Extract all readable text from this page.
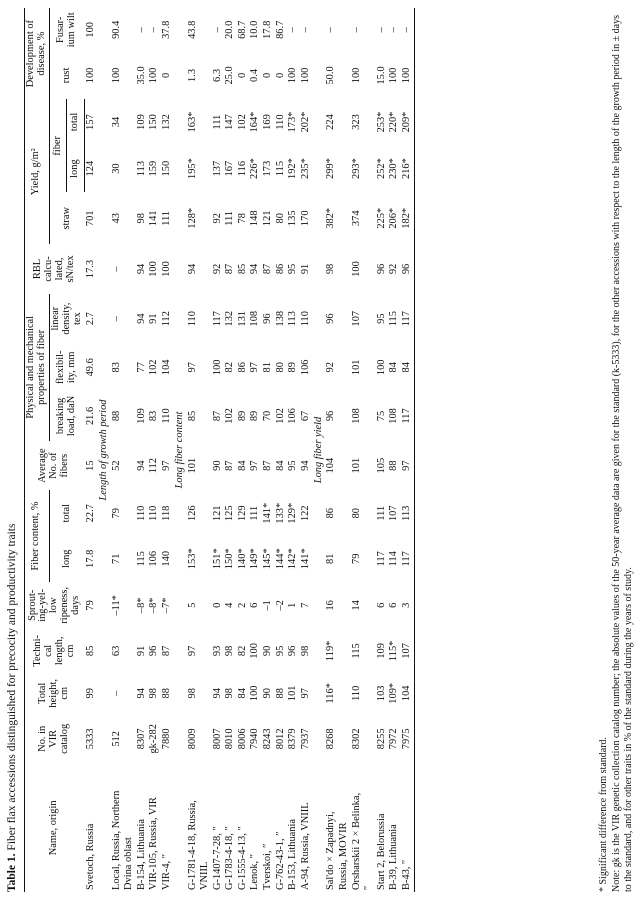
Table 1. Fiber flax accessions distinguished for precocity and productivity traits	Name, origin	No. in VIR catalog	Total height, cm	Techni-cal length, cm	Sprout-ing-yel-low ripeness, days	Fiber content, %		Average No. of fibers	Physical and mechanical properties of fiber			RBL calcu-lated, sN/tex	Yield, g/m²			Development of disease, %	
					long	total		breaking load, daN	flexibil-ity, mm	linear density, tex		straw	fiber		rust	Fusar-ium wilt
													long	total		
Svetoch, Russia	5333	99	85	79	17.8	22.7	15	21.6	49.6	2.7	17.3	701	124	157	100	100
Length of growth period																
Local, Russia, Northern	512	–	63	–11*	71	79	52	88	83	–	–	43	30	34	100	90.4
Dvina oblast																
B-154, Lithuania	8307	94	91	–8*	115	110	94	109	77	94	94	98	113	109	35.0	–
VIR-105, Russia, VIR	gk-282	98	96	–8*	106	110	112	83	102	91	100	141	159	150	100	–
VIR-4, ″	7880	88	87	–7*	140	118	97	110	104	112	100	111	150	132	0	37.8
Long fiber content																
G-1781-4-18, Russia,	8009	98	97	5	153*	126	101	85	97	110	94	128*	195*	163*	1.3	43.8
VNIIL																
G-1407-7-28, ″	8007	94	93	0	151*	121	90	87	100	117	92	92	137	111	6.3	–
G-1783-4-18, ″	8010	98	98	4	150*	125	87	102	82	132	87	111	167	147	25.0	20.0
G-1555-4-13, ″	8006	84	82	2	140*	129	84	89	86	131	85	78	116	102	0	68.7
Lenok, ″	7940	100	100	6	149*	111	97	89	97	108	94	148	226*	164*	0.4	10.0
Tverskoi, ″	8243	90	90	–1	145*	141*	87	70	81	96	87	121	173	169	0	17.8
G-762-43-1, ″	8012	88	95	–2	144*	133*	84	102	80	138	86	80	115	110	0	86.7
B-153, Lithuania	8379	101	96	1	142*	129*	95	106	89	113	95	135	192*	173*	100	–
A-94, Russia, VNIIL	7937	97	98	7	141*	122	94	67	106	110	91	170	235*	202*	100	–
Long fiber yield																
Sal'do × Zapadnyi,	8268	116*	119*	16	81	86	104	96	92	96	98	382*	299*	224	50.0	–
Russia, MOVIR																
Orsharskii 2 × Belinka,	8302	110	115	14	79	80	101	108	101	107	100	374	293*	323	100	–
″																
Start 2, Belorussia	8255	103	109	6	117	111	105	75	100	95	96	225*	252*	253*	15.0	–
B-39, Lithuania	7972	109*	115*	6	114	107	88	108	84	115	92	206*	230*	220*	100	–
B-43, ″	7975	104	107	3	117	113	97	117	84	117	96	182*	216*	209*	100	–
* Significant difference from standard. Note: gk is the VIR genetic collection catalog number; the absolute values of the 50-year average data are given for the standard (k-5333), for the other accessions with respect to the length of the growth period in ± days to the standard, and for other traits in % of the standard during the years of study.
